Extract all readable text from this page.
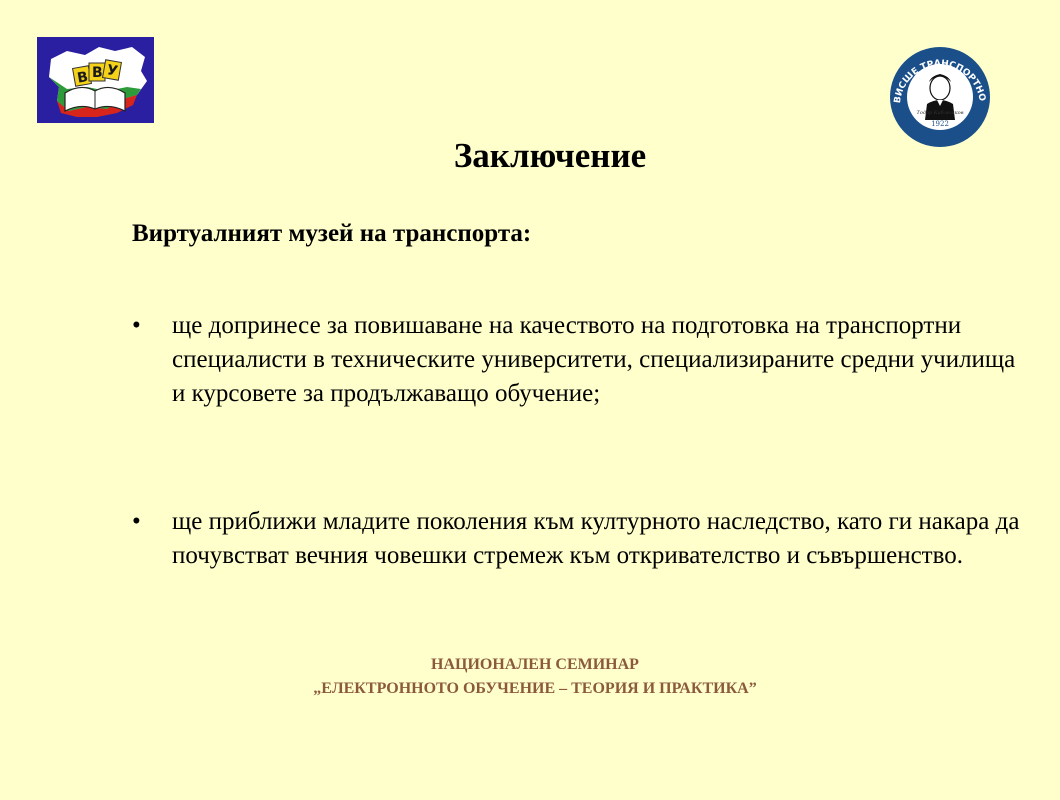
В В У
ВИСШЕ ТРАНСПОРТНО
Тодор Каблешков
1922
Заключение
Виртуалният музей на транспорта:
• ще допринесе за повишаване на качеството на подготовка на транспортни специалисти в техническите университети, специализираните средни училища и курсовете за продължаващо обучение;
• ще приближи младите поколения към културното наследство, като ги накара да почувстват вечния човешки стремеж към откривателство и съвършенство.
НАЦИОНАЛЕН СЕМИНАР
„ЕЛЕКТРОННОТО ОБУЧЕНИЕ – ТЕОРИЯ И ПРАКТИКА”
